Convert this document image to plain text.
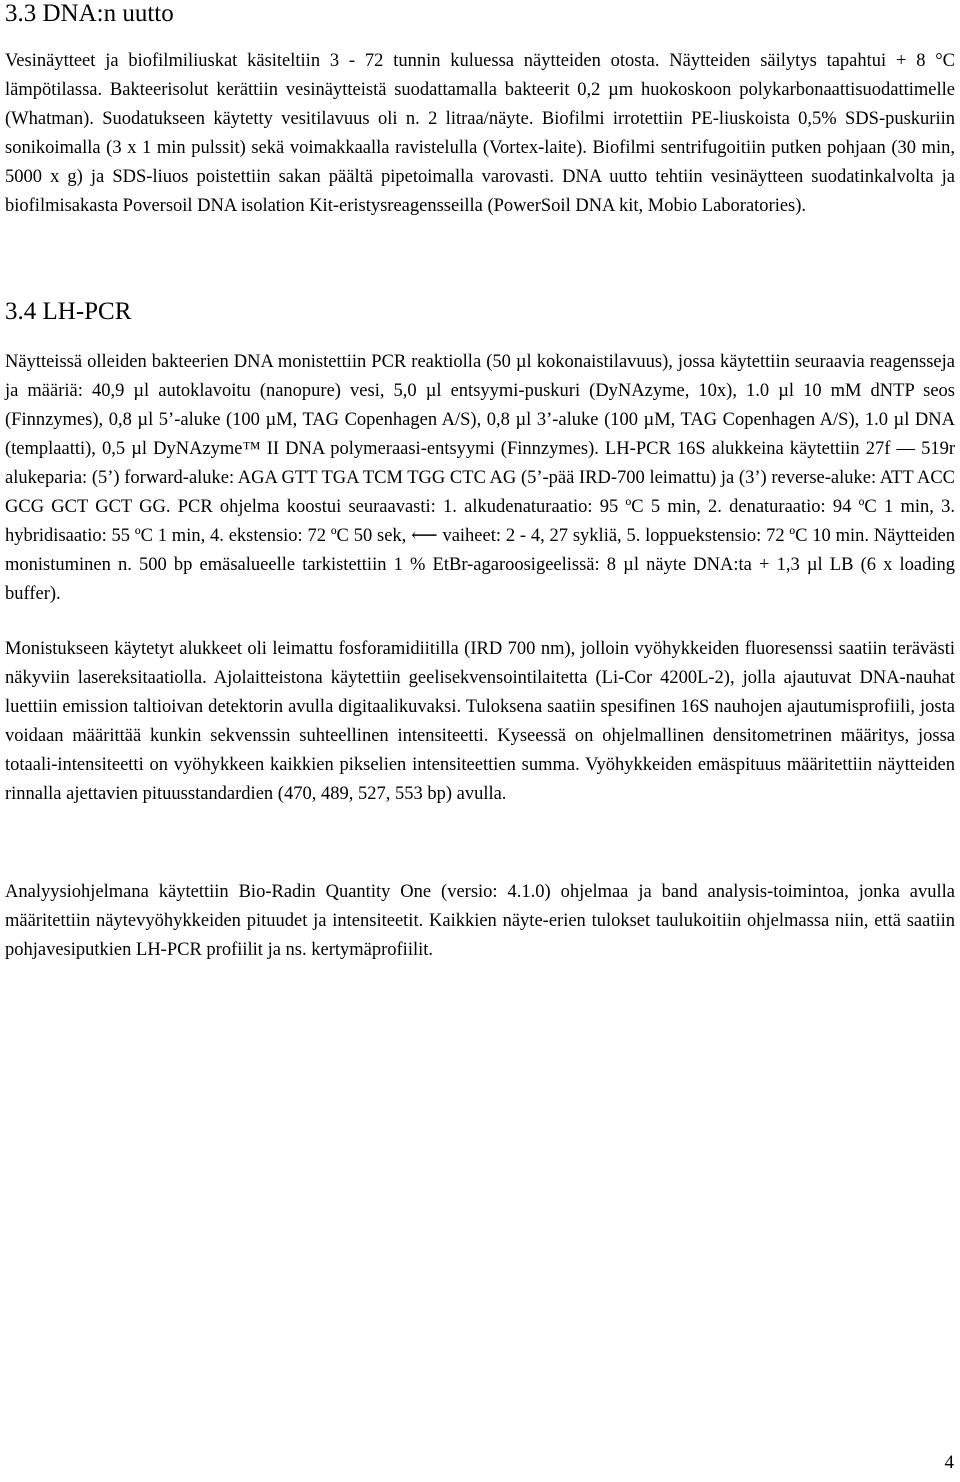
3.3 DNA:n uutto

Vesinäytteet ja biofilmiliuskat käsiteltiin 3 - 72 tunnin kuluessa näytteiden otosta. Näytteiden säilytys tapahtui + 8 °C lämpötilassa. Bakteerisolut kerättiin vesinäytteistä suodattamalla bakteerit 0,2 µm huokoskoon polykarbonaattisuodattimelle (Whatman). Suodatukseen käytetty vesitilavuus oli n. 2 litraa/näyte. Biofilmi irrotettiin PE-liuskoista 0,5% SDS-puskuriin sonikoimalla (3 x 1 min pulssit) sekä voimakkaalla ravistelulla (Vortex-laite). Biofilmi sentrifugoitiin putken pohjaan (30 min, 5000 x g) ja SDS-liuos poistettiin sakan päältä pipetoimalla varovasti. DNA uutto tehtiin vesinäytteen suodatinkalvolta ja biofilmisakasta Poversoil DNA isolation Kit-eristysreagensseilla (PowerSoil DNA kit, Mobio Laboratories).

3.4 LH-PCR

Näytteissä olleiden bakteerien DNA monistettiin PCR reaktiolla (50 µl kokonaistilavuus), jossa käytettiin seuraavia reagensseja ja määriä: 40,9 µl autoklavoitu (nanopure) vesi, 5,0 µl entsyymi-puskuri (DyNAzyme, 10x), 1.0 µl 10 mM dNTP seos (Finnzymes), 0,8 µl 5’-aluke (100 µM, TAG Copenhagen A/S), 0,8 µl 3’-aluke (100 µM, TAG Copenhagen A/S), 1.0 µl DNA (templaatti), 0,5 µl DyNAzyme™ II DNA polymeraasi-entsyymi (Finnzymes). LH-PCR 16S alukkeina käytettiin 27f — 519r alukeparia: (5’) forward-aluke: AGA GTT TGA TCM TGG CTC AG (5’-pää IRD-700 leimattu) ja (3’) reverse-aluke: ATT ACC GCG GCT GCT GG. PCR ohjelma koostui seuraavasti: 1. alkudenaturaatio: 95 ºC 5 min, 2. denaturaatio: 94 ºC 1 min, 3. hybridisaatio: 55 ºC 1 min, 4. ekstensio: 72 ºC 50 sek, ⟵ vaiheet: 2 - 4, 27 sykliä, 5. loppuekstensio: 72 ºC 10 min. Näytteiden monistuminen n. 500 bp emäsalueelle tarkistettiin 1 % EtBr-agaroosigeelissä: 8 µl näyte DNA:ta + 1,3 µl LB (6 x loading buffer).

Monistukseen käytetyt alukkeet oli leimattu fosforamidiitilla (IRD 700 nm), jolloin vyöhykkeiden fluoresenssi saatiin terävästi näkyviin lasereksitaatiolla. Ajolaitteistona käytettiin geelisekvensointilaitetta (Li-Cor 4200L-2), jolla ajautuvat DNA-nauhat luettiin emission taltioivan detektorin avulla digitaalikuvaksi. Tuloksena saatiin spesifinen 16S nauhojen ajautumisprofiili, josta voidaan määrittää kunkin sekvenssin suhteellinen intensiteetti. Kyseessä on ohjelmallinen densitometrinen määritys, jossa totaali-intensiteetti on vyöhykkeen kaikkien pikselien intensiteettien summa. Vyöhykkeiden emäspituus määritettiin näytteiden rinnalla ajettavien pituusstandardien (470, 489, 527, 553 bp) avulla.

Analyysiohjelmana käytettiin Bio-Radin Quantity One (versio: 4.1.0) ohjelmaa ja band analysis-toimintoa, jonka avulla määritettiin näytevyöhykkeiden pituudet ja intensiteetit. Kaikkien näyte-erien tulokset taulukoitiin ohjelmassa niin, että saatiin pohjavesiputkien LH-PCR profiilit ja ns. kertymäprofiilit.

4
